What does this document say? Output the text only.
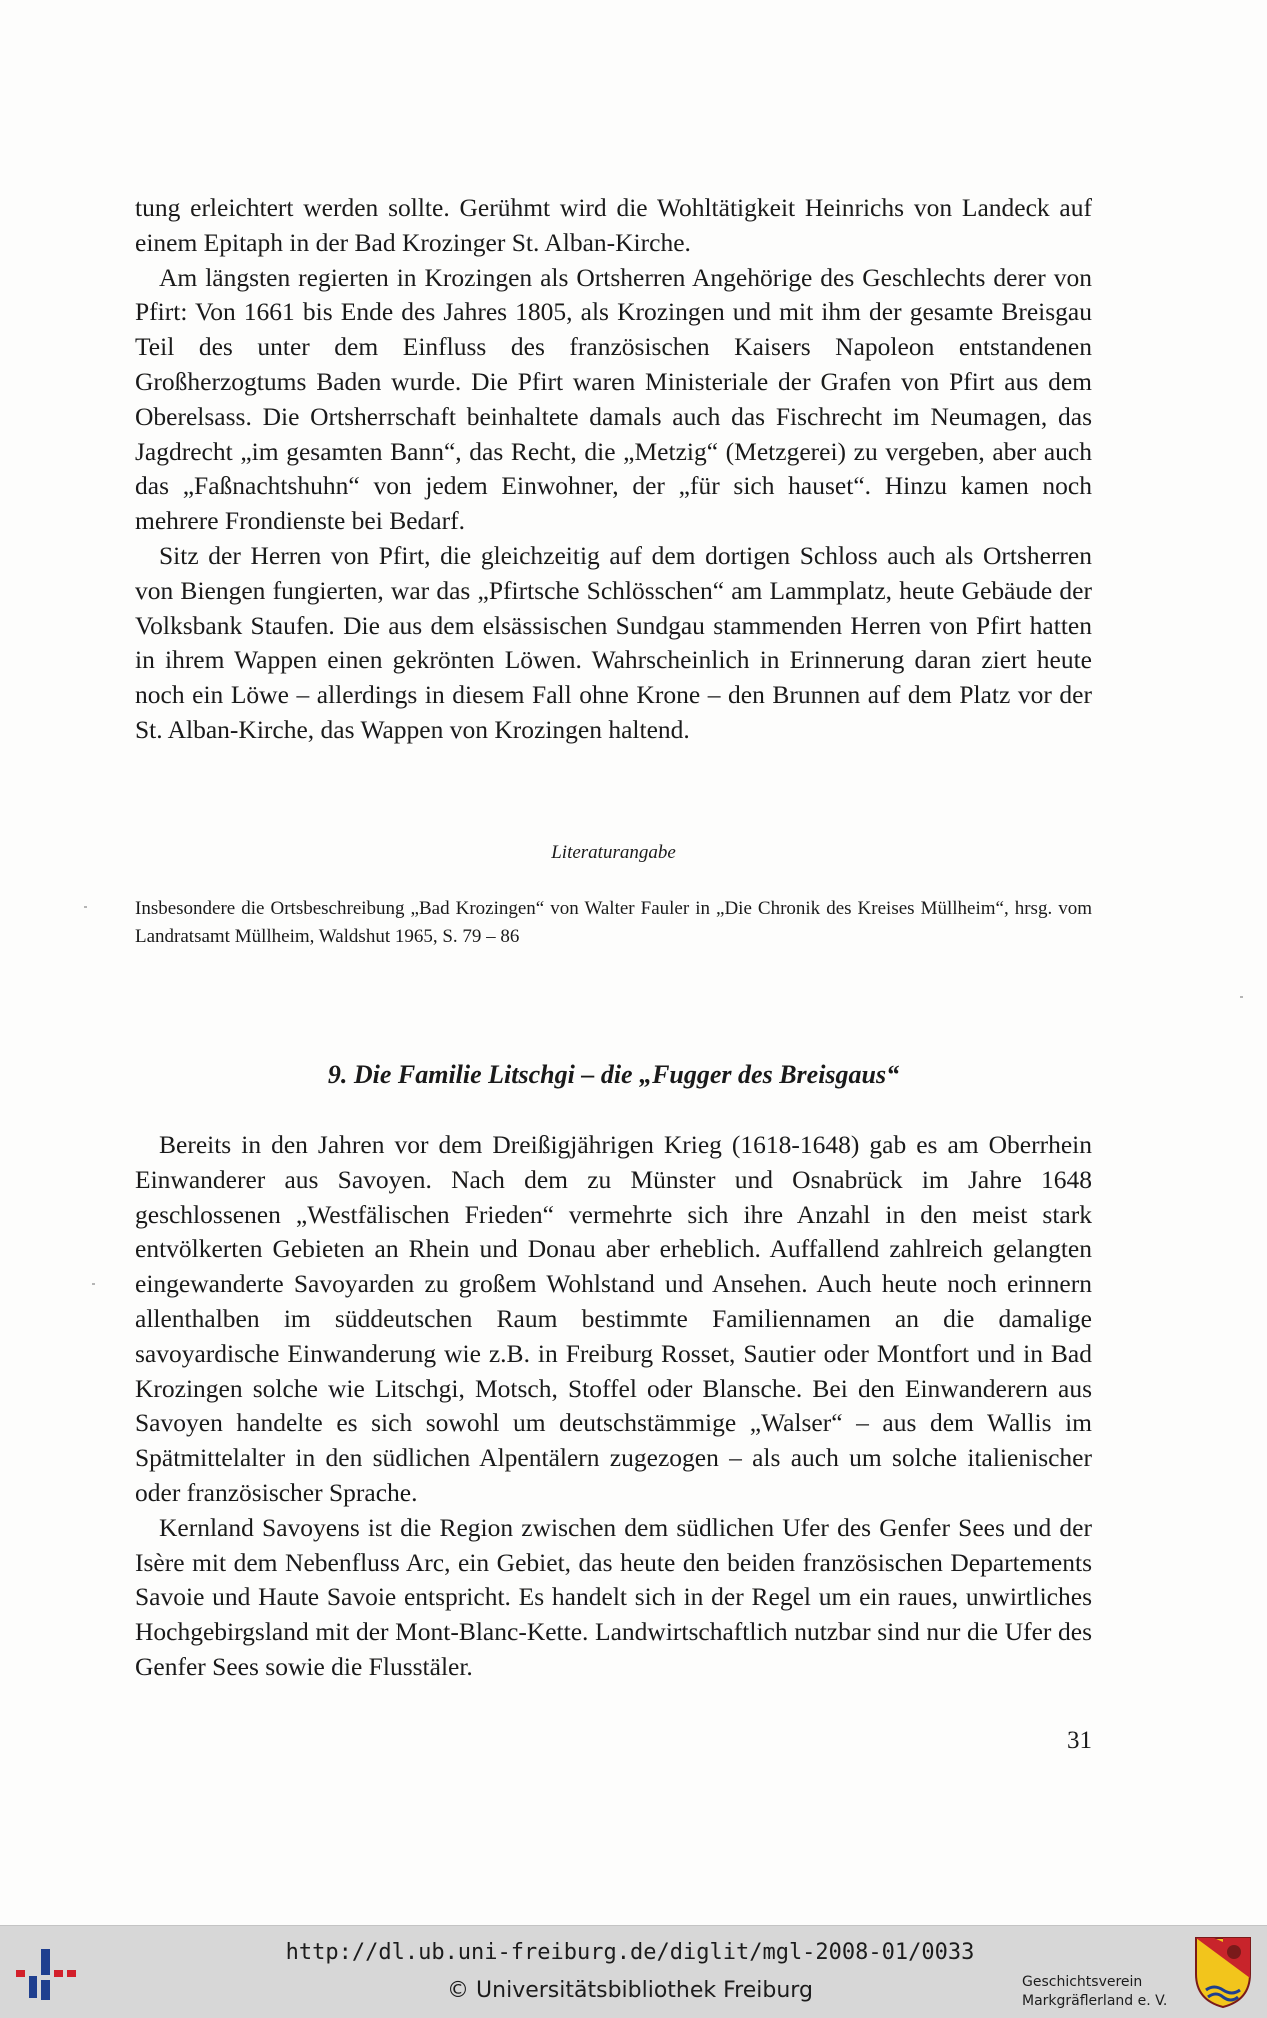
tung erleichtert werden sollte. Gerühmt wird die Wohltätigkeit Heinrichs von Landeck auf einem Epitaph in der Bad Krozinger St. Alban-Kirche.

Am längsten regierten in Krozingen als Ortsherren Angehörige des Geschlechts derer von Pfirt: Von 1661 bis Ende des Jahres 1805, als Krozingen und mit ihm der gesamte Breisgau Teil des unter dem Einfluss des französischen Kaisers Napoleon entstandenen Großherzogtums Baden wurde. Die Pfirt waren Ministeriale der Grafen von Pfirt aus dem Oberelsass. Die Ortsherrschaft beinhaltete damals auch das Fischrecht im Neumagen, das Jagdrecht „im gesamten Bann“, das Recht, die „Metzig“ (Metzgerei) zu vergeben, aber auch das „Faßnachtshuhn“ von jedem Einwohner, der „für sich hauset“. Hinzu kamen noch mehrere Frondienste bei Bedarf.

Sitz der Herren von Pfirt, die gleichzeitig auf dem dortigen Schloss auch als Ortsherren von Biengen fungierten, war das „Pfirtsche Schlösschen“ am Lammplatz, heute Gebäude der Volksbank Staufen. Die aus dem elsässischen Sundgau stammenden Herren von Pfirt hatten in ihrem Wappen einen gekrönten Löwen. Wahrscheinlich in Erinnerung daran ziert heute noch ein Löwe – allerdings in diesem Fall ohne Krone – den Brunnen auf dem Platz vor der St. Alban-Kirche, das Wappen von Krozingen haltend.

Literaturangabe
Insbesondere die Ortsbeschreibung „Bad Krozingen“ von Walter Fauler in „Die Chronik des Kreises Müllheim“, hrsg. vom Landratsamt Müllheim, Waldshut 1965, S. 79 – 86
9. Die Familie Litschgi – die „Fugger des Breisgaus“

Bereits in den Jahren vor dem Dreißigjährigen Krieg (1618-1648) gab es am Oberrhein Einwanderer aus Savoyen. Nach dem zu Münster und Osnabrück im Jahre 1648 geschlossenen „Westfälischen Frieden“ vermehrte sich ihre Anzahl in den meist stark entvölkerten Gebieten an Rhein und Donau aber erheblich. Auffallend zahlreich gelangten eingewanderte Savoyarden zu großem Wohlstand und Ansehen. Auch heute noch erinnern allenthalben im süddeutschen Raum bestimmte Familiennamen an die damalige savoyardische Einwanderung wie z.B. in Freiburg Rosset, Sautier oder Montfort und in Bad Krozingen solche wie Litschgi, Motsch, Stoffel oder Blansche. Bei den Einwanderern aus Savoyen handelte es sich sowohl um deutschstämmige „Walser“ – aus dem Wallis im Spätmittelalter in den südlichen Alpentälern zugezogen – als auch um solche italienischer oder französischer Sprache.

Kernland Savoyens ist die Region zwischen dem südlichen Ufer des Genfer Sees und der Isère mit dem Nebenfluss Arc, ein Gebiet, das heute den beiden französischen Departements Savoie und Haute Savoie entspricht. Es handelt sich in der Regel um ein raues, unwirtliches Hochgebirgsland mit der Mont-Blanc-Kette. Landwirtschaftlich nutzbar sind nur die Ufer des Genfer Sees sowie die Flusstäler.

31
http://dl.ub.uni-freiburg.de/diglit/mgl-2008-01/0033
© Universitätsbibliothek Freiburg	Geschichtsverein
Markgräflerland e. V.
